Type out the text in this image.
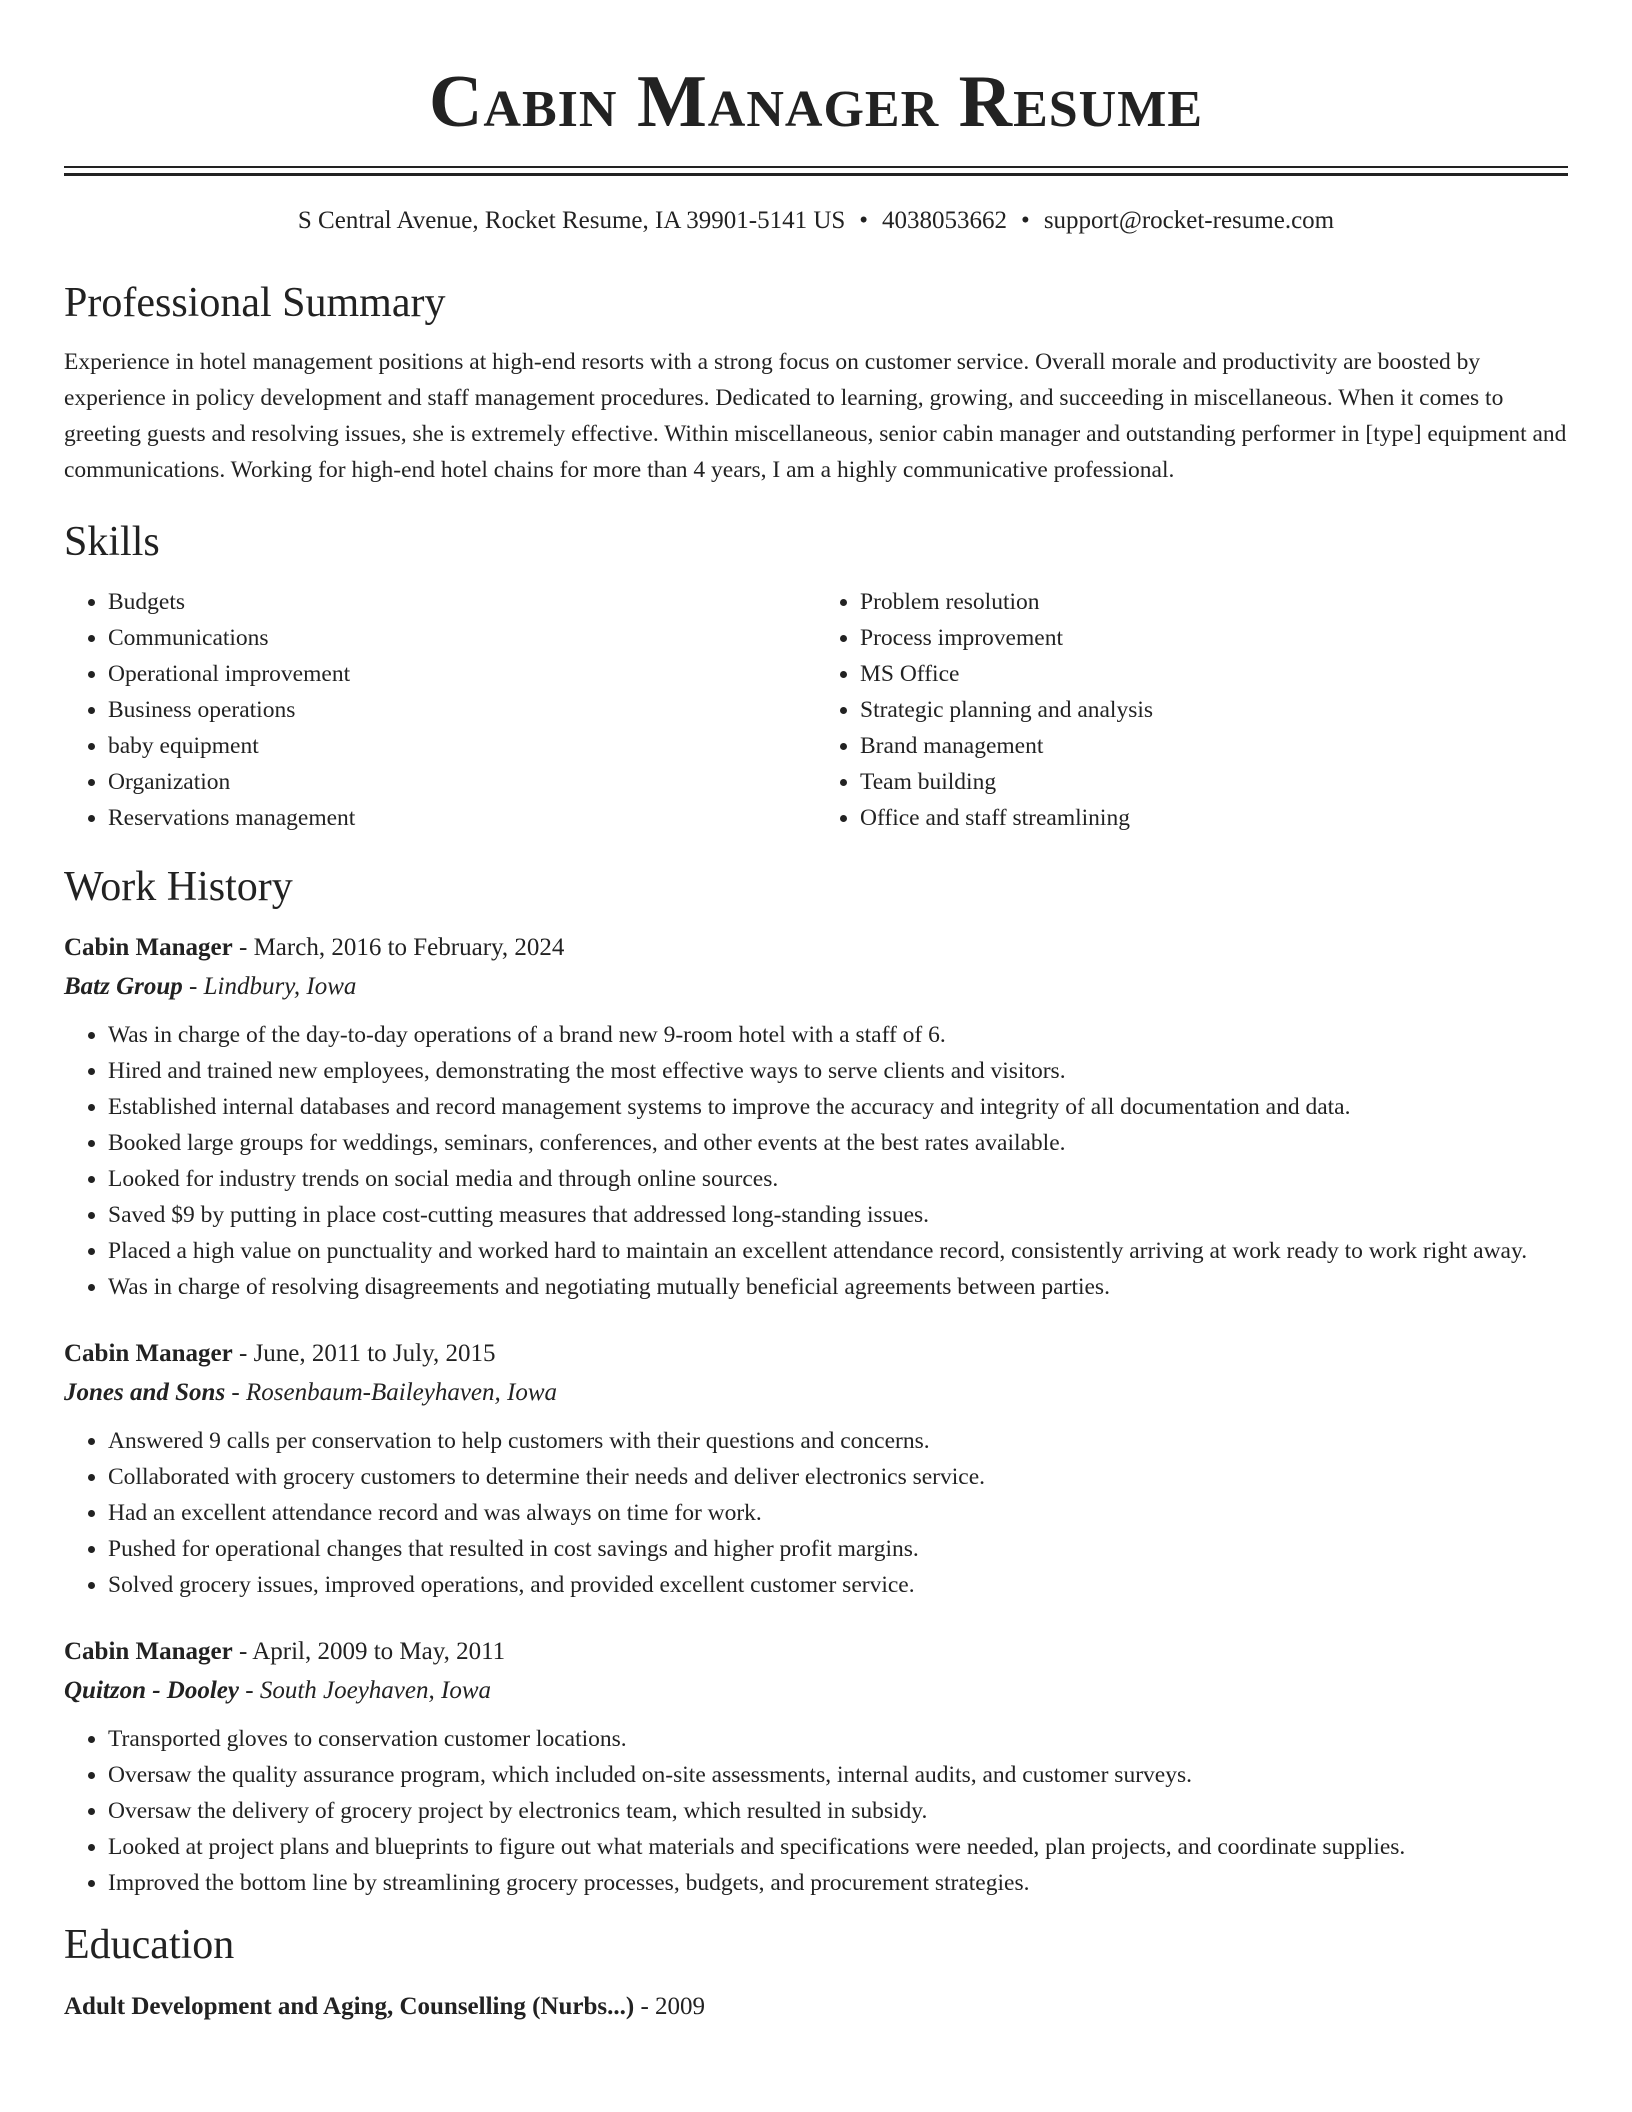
Cabin Manager Resume
S Central Avenue, Rocket Resume, IA 39901-5141 US • 4038053662 • support@rocket-resume.com
Professional Summary
Experience in hotel management positions at high-end resorts with a strong focus on customer service. Overall morale and productivity are boosted by experience in policy development and staff management procedures. Dedicated to learning, growing, and succeeding in miscellaneous. When it comes to greeting guests and resolving issues, she is extremely effective. Within miscellaneous, senior cabin manager and outstanding performer in [type] equipment and communications. Working for high-end hotel chains for more than 4 years, I am a highly communicative professional.
Skills
• Budgets
• Communications
• Operational improvement
• Business operations
• baby equipment
• Organization
• Reservations management
• Problem resolution
• Process improvement
• MS Office
• Strategic planning and analysis
• Brand management
• Team building
• Office and staff streamlining
Work History
Cabin Manager - March, 2016 to February, 2024
Batz Group - Lindbury, Iowa
• Was in charge of the day-to-day operations of a brand new 9-room hotel with a staff of 6.
• Hired and trained new employees, demonstrating the most effective ways to serve clients and visitors.
• Established internal databases and record management systems to improve the accuracy and integrity of all documentation and data.
• Booked large groups for weddings, seminars, conferences, and other events at the best rates available.
• Looked for industry trends on social media and through online sources.
• Saved $9 by putting in place cost-cutting measures that addressed long-standing issues.
• Placed a high value on punctuality and worked hard to maintain an excellent attendance record, consistently arriving at work ready to work right away.
• Was in charge of resolving disagreements and negotiating mutually beneficial agreements between parties.
Cabin Manager - June, 2011 to July, 2015
Jones and Sons - Rosenbaum-Baileyhaven, Iowa
• Answered 9 calls per conservation to help customers with their questions and concerns.
• Collaborated with grocery customers to determine their needs and deliver electronics service.
• Had an excellent attendance record and was always on time for work.
• Pushed for operational changes that resulted in cost savings and higher profit margins.
• Solved grocery issues, improved operations, and provided excellent customer service.
Cabin Manager - April, 2009 to May, 2011
Quitzon - Dooley - South Joeyhaven, Iowa
• Transported gloves to conservation customer locations.
• Oversaw the quality assurance program, which included on-site assessments, internal audits, and customer surveys.
• Oversaw the delivery of grocery project by electronics team, which resulted in subsidy.
• Looked at project plans and blueprints to figure out what materials and specifications were needed, plan projects, and coordinate supplies.
• Improved the bottom line by streamlining grocery processes, budgets, and procurement strategies.
Education
Adult Development and Aging, Counselling (Nurbs...) - 2009
